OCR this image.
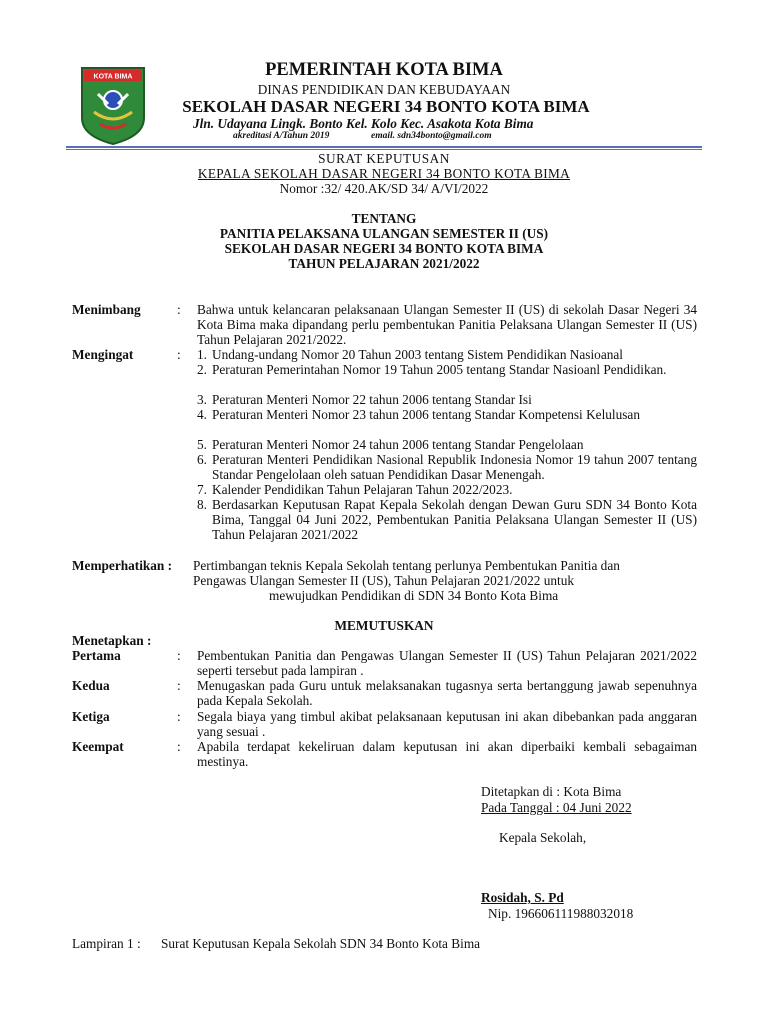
KOTA BIMA	PEMERINTAH KOTA BIMA
DINAS PENDIDIKAN DAN KEBUDAYAAN
SEKOLAH DASAR NEGERI 34 BONTO KOTA BIMA
Jln. Udayana Lingk. Bonto Kel. Kolo Kec. Asakota Kota Bima
akreditasi A/Tahun 2019	email. sdn34bonto@gmail.com
SURAT KEPUTUSAN
KEPALA SEKOLAH DASAR NEGERI 34 BONTO KOTA BIMA
Nomor :32/ 420.AK/SD 34/ A/VI/2022
TENTANG
PANITIA PELAKSANA ULANGAN SEMESTER II (US)
SEKOLAH DASAR NEGERI 34 BONTO KOTA BIMA
TAHUN PELAJARAN 2021/2022
Menimbang	: Bahwa untuk kelancaran pelaksanaan Ulangan Semester II (US) di sekolah Dasar Negeri 34 Kota Bima maka dipandang perlu pembentukan Panitia Pelaksana Ulangan Semester II (US) Tahun Pelajaran 2021/2022.
Mengingat	: 1. Undang-undang Nomor 20 Tahun 2003 tentang Sistem Pendidikan Nasioanal
2. Peraturan Pemerintahan Nomor 19 Tahun 2005 tentang Standar Nasioanl Pendidikan.
3. Peraturan Menteri Nomor 22 tahun 2006 tentang Standar Isi
4. Peraturan Menteri Nomor 23 tahun 2006 tentang Standar Kompetensi Kelulusan
5. Peraturan Menteri Nomor 24 tahun 2006 tentang Standar Pengelolaan
6. Peraturan Menteri Pendidikan Nasional Republik Indonesia Nomor 19 tahun 2007 tentang Standar Pengelolaan oleh satuan Pendidikan Dasar Menengah.
7. Kalender Pendidikan Tahun Pelajaran Tahun 2022/2023.
8. Berdasarkan Keputusan Rapat Kepala Sekolah dengan Dewan Guru SDN 34 Bonto Kota Bima, Tanggal 04 Juni 2022, Pembentukan Panitia Pelaksana Ulangan Semester II (US) Tahun Pelajaran 2021/2022
Memperhatikan : Pertimbangan teknis Kepala Sekolah tentang perlunya Pembentukan Panitia dan
Pengawas Ulangan Semester II (US), Tahun Pelajaran 2021/2022 untuk
mewujudkan Pendidikan di SDN 34 Bonto Kota Bima
MEMUTUSKAN
Menetapkan :
Pertama	: Pembentukan Panitia dan Pengawas Ulangan Semester II (US) Tahun Pelajaran 2021/2022 seperti tersebut pada lampiran .
Kedua	: Menugaskan pada Guru untuk melaksanakan tugasnya serta bertanggung jawab sepenuhnya pada Kepala Sekolah.
Ketiga	: Segala biaya yang timbul akibat pelaksanaan keputusan ini akan dibebankan pada anggaran yang sesuai .
Keempat	: Apabila terdapat kekeliruan dalam keputusan ini akan diperbaiki kembali sebagaiman mestinya.
Ditetapkan di : Kota Bima
Pada Tanggal : 04 Juni 2022
Kepala Sekolah,
Rosidah, S. Pd
Nip. 196606111988032018
Lampiran 1 : Surat Keputusan Kepala Sekolah SDN 34 Bonto Kota Bima
